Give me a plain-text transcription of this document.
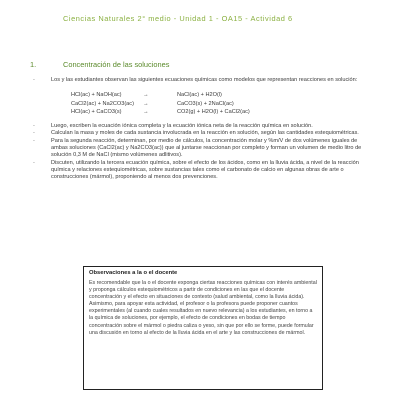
Ciencias Naturales 2° medio - Unidad 1 - OA15 - Actividad 6
1.	Concentración de las soluciones
-	Los y las estudiantes observan las siguientes ecuaciones químicas como modelos que representan reacciones en solución:

HCl(ac) + NaOH(ac)	→	NaCl(ac) + H2O(l)
CaCl2(ac) + Na2CO3(ac) →	CaCO3(s) + 2NaCl(ac)
HCl(ac) + CaCO3(s)	→	CO2(g) + H2O(l) + CaCl2(ac)
-	Luego, escriben la ecuación iónica completa y la ecuación iónica neta de la reacción química en solución.

-	Calculan la masa y moles de cada sustancia involucrada en la reacción en solución, según las cantidades estequiométricas.

-	Para la segunda reacción, determinan, por medio de cálculos, la concentración molar y %m/V de dos volúmenes iguales de ambas soluciones (CaCl2(ac) y Na2CO3(ac)) que al juntarse reaccionan por completo y forman un volumen de medio litro de solución 0,3 M de NaCl (mismo volúmenes adlitivos).

-	Discuten, utilizando la tercera ecuación química, sobre el efecto de los ácidos, como en la lluvia ácida, a nivel de la reacción química y relaciones estequiométricas, sobre sustancias tales como el carbonato de calcio en algunas obras de arte o construcciones (mármol), proponiendo al menos dos prevenciones.

Observaciones a la o el docente

Es recomendable que la o el docente exponga ciertas reacciones químicas con interés ambiental y proponga cálculos estequiométricos a partir de condiciones en las que el docente concentración y el efecto en situaciones de contexto (salud ambiental, como la lluvia ácida). Asimismo, para apoyar esta actividad, el profesor o la profesora puede proponer cuantos experimentales (al cuando cuales resultados en nuevo relevancia) a los estudiantes, en torno a la química de soluciones, por ejemplo, el efecto de condiciones en bodas de tiempo concentración sobre el mármol o piedra caliza o yeso, sin que por ello se forme, puede formular una discusión en torno al efecto de la lluvia ácida en el arte y las construcciones de mármol.
